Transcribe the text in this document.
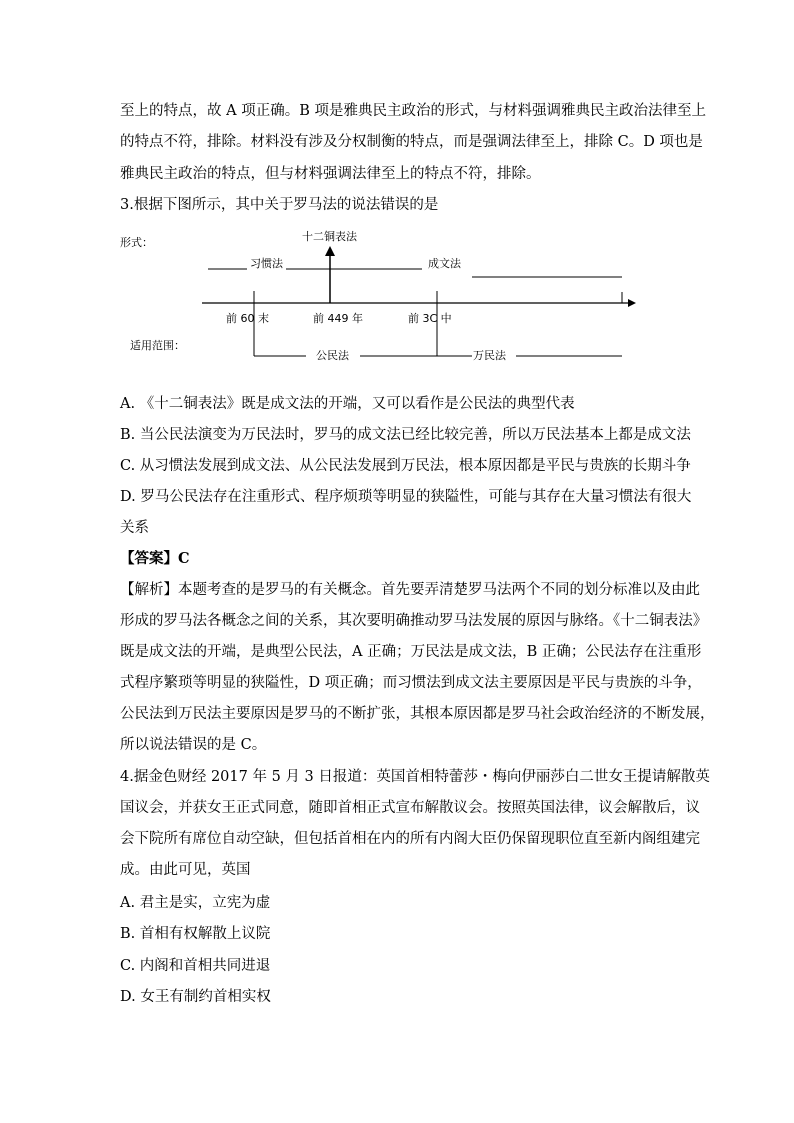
至上的特点，故 A 项正确。B 项是雅典民主政治的形式，与材料强调雅典民主政治法律至上
的特点不符，排除。材料没有涉及分权制衡的特点，而是强调法律至上，排除 C。D 项也是
雅典民主政治的特点，但与材料强调法律至上的特点不符，排除。
3.根据下图所示，其中关于罗马法的说法错误的是
形式：	十二铜表法
习惯法	成文法
前 60 末	前 449 年	前 3C 中
适用范围：
公民法	万民法
A. 《十二铜表法》既是成文法的开端，又可以看作是公民法的典型代表
B. 当公民法演变为万民法时，罗马的成文法已经比较完善，所以万民法基本上都是成文法
C. 从习惯法发展到成文法、从公民法发展到万民法，根本原因都是平民与贵族的长期斗争
D. 罗马公民法存在注重形式、程序烦琐等明显的狭隘性，可能与其存在大量习惯法有很大
关系
【答案】C
【解析】本题考查的是罗马的有关概念。首先要弄清楚罗马法两个不同的划分标准以及由此
形成的罗马法各概念之间的关系，其次要明确推动罗马法发展的原因与脉络。《十二铜表法》
既是成文法的开端，是典型公民法，A 正确；万民法是成文法，B 正确；公民法存在注重形
式程序繁琐等明显的狭隘性，D 项正确；而习惯法到成文法主要原因是平民与贵族的斗争，
公民法到万民法主要原因是罗马的不断扩张，其根本原因都是罗马社会政治经济的不断发展，
所以说法错误的是 C。
4.据金色财经 2017 年 5 月 3 日报道：英国首相特蕾莎・梅向伊丽莎白二世女王提请解散英
国议会，并获女王正式同意，随即首相正式宣布解散议会。按照英国法律，议会解散后，议
会下院所有席位自动空缺，但包括首相在内的所有内阁大臣仍保留现职位直至新内阁组建完
成。由此可见，英国
A. 君主是实，立宪为虚
B. 首相有权解散上议院
C. 内阁和首相共同进退
D. 女王有制约首相实权
